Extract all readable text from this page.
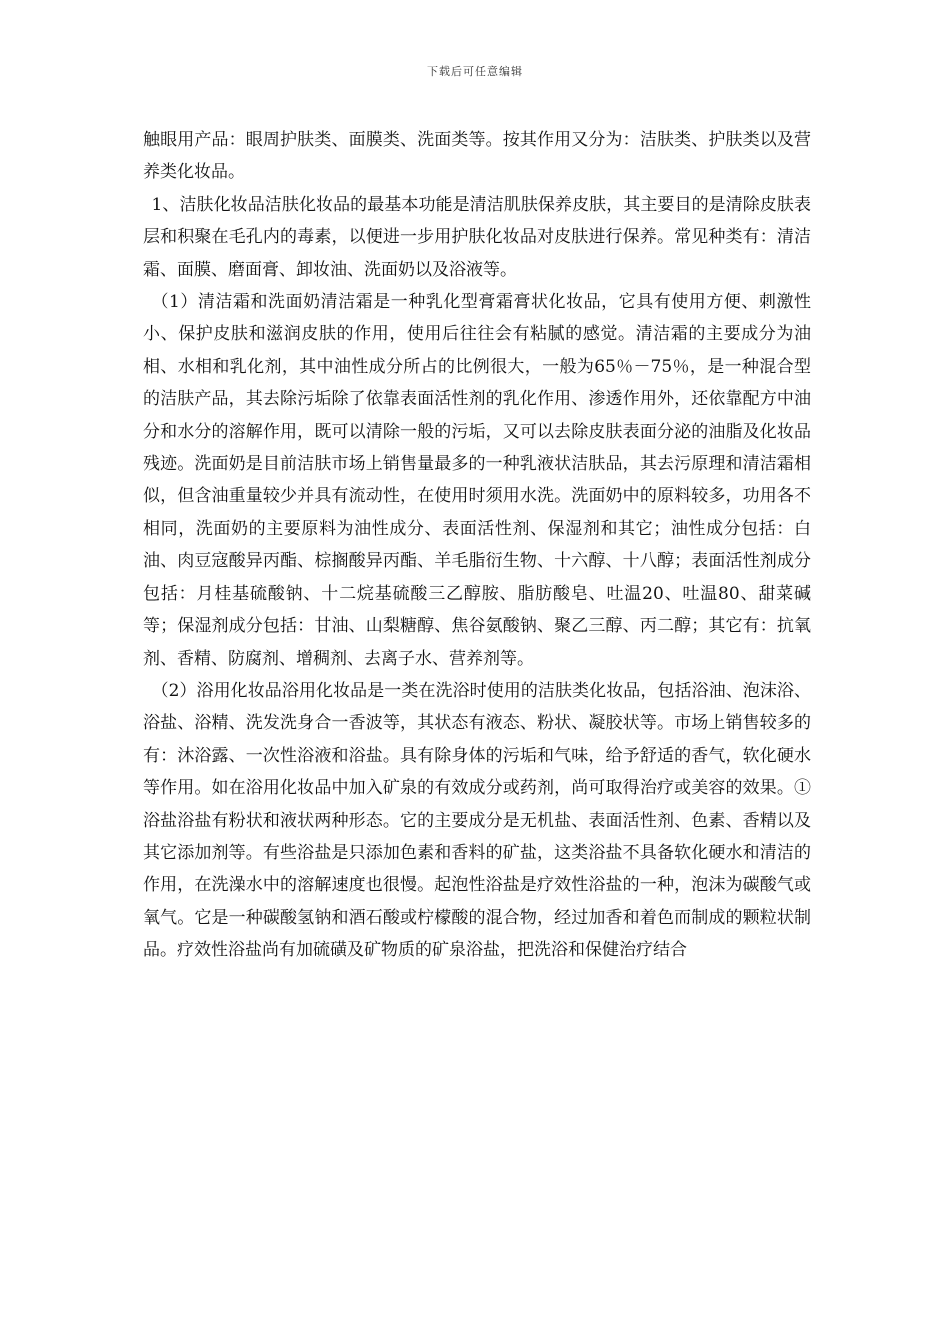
下载后可任意编辑

触眼用产品：眼周护肤类、面膜类、洗面类等。按其作用又分为：洁肤类、护肤类以及营养类化妆品。

1、洁肤化妆品洁肤化妆品的最基本功能是清洁肌肤保养皮肤，其主要目的是清除皮肤表层和积聚在毛孔内的毒素，以便进一步用护肤化妆品对皮肤进行保养。常见种类有：清洁霜、面膜、磨面膏、卸妆油、洗面奶以及浴液等。

（1）清洁霜和洗面奶清洁霜是一种乳化型膏霜膏状化妆品，它具有使用方便、刺激性小、保护皮肤和滋润皮肤的作用，使用后往往会有粘腻的感觉。清洁霜的主要成分为油相、水相和乳化剂，其中油性成分所占的比例很大，一般为65％－75％，是一种混合型的洁肤产品，其去除污垢除了依靠表面活性剂的乳化作用、渗透作用外，还依靠配方中油分和水分的溶解作用，既可以清除一般的污垢，又可以去除皮肤表面分泌的油脂及化妆品残迹。洗面奶是目前洁肤市场上销售量最多的一种乳液状洁肤品，其去污原理和清洁霜相似，但含油重量较少并具有流动性，在使用时须用水洗。洗面奶中的原料较多，功用各不相同，洗面奶的主要原料为油性成分、表面活性剂、保湿剂和其它；油性成分包括：白油、肉豆寇酸异丙酯、棕搁酸异丙酯、羊毛脂衍生物、十六醇、十八醇；表面活性剂成分包括：月桂基硫酸钠、十二烷基硫酸三乙醇胺、脂肪酸皂、吐温20、吐温80、甜菜碱等；保湿剂成分包括：甘油、山梨糖醇、焦谷氨酸钠、聚乙三醇、丙二醇；其它有：抗氧剂、香精、防腐剂、增稠剂、去离子水、营养剂等。

（2）浴用化妆品浴用化妆品是一类在洗浴时使用的洁肤类化妆品，包括浴油、泡沫浴、浴盐、浴精、洗发洗身合一香波等，其状态有液态、粉状、凝胶状等。市场上销售较多的有：沐浴露、一次性浴液和浴盐。具有除身体的污垢和气味，给予舒适的香气，软化硬水等作用。如在浴用化妆品中加入矿泉的有效成分或药剂，尚可取得治疗或美容的效果。①浴盐浴盐有粉状和液状两种形态。它的主要成分是无机盐、表面活性剂、色素、香精以及其它添加剂等。有些浴盐是只添加色素和香料的矿盐，这类浴盐不具备软化硬水和清洁的作用，在洗澡水中的溶解速度也很慢。起泡性浴盐是疗效性浴盐的一种，泡沫为碳酸气或氧气。它是一种碳酸氢钠和酒石酸或柠檬酸的混合物，经过加香和着色而制成的颗粒状制品。疗效性浴盐尚有加硫磺及矿物质的矿泉浴盐，把洗浴和保健治疗结合
